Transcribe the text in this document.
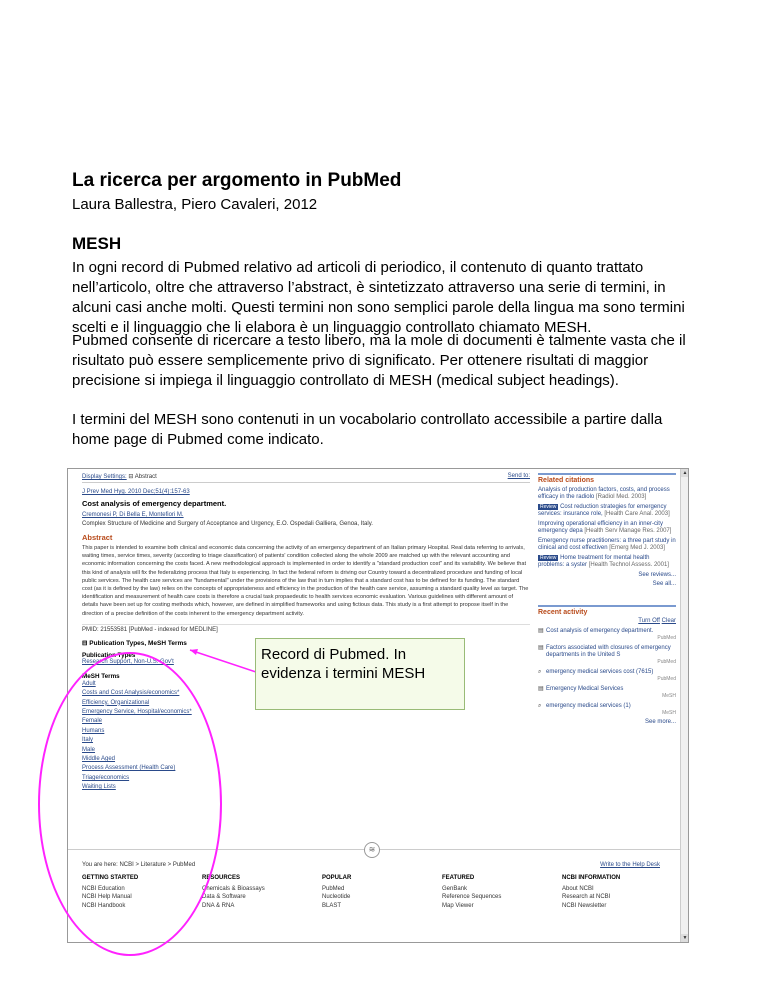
La ricerca per argomento in PubMed
Laura Ballestra, Piero Cavaleri, 2012
MESH
In ogni record di Pubmed relativo ad articoli di periodico, il contenuto di quanto trattato nell’articolo, oltre che attraverso l’abstract, è sintetizzato attraverso una serie di termini, in alcuni casi anche molti. Questi termini non sono semplici parole della lingua ma sono termini scelti e il linguaggio che li elabora è un linguaggio controllato chiamato MESH.
Pubmed consente di ricercare a testo libero, ma la mole di documenti è talmente vasta che il risultato può essere semplicemente privo di significato. Per ottenere risultati di maggior precisione si impiega il linguaggio controllato di MESH (medical subject headings).
I termini del MESH sono contenuti in un vocabolario controllato accessibile a partire dalla home page di Pubmed come indicato.
Display Settings: ⊟ Abstract	Send to:
J Prev Med Hyg. 2010 Dec;51(4):157-63
Cost analysis of emergency department.
Cremonesi P, Di Bella E, Montefiori M.
Complex Structure of Medicine and Surgery of Acceptance and Urgency, E.O. Ospedali Galliera, Genoa, Italy.
Abstract
This paper is intended to examine both clinical and economic data concerning the activity of an emergency department of an Italian primary Hospital. Real data referring to arrivals, waiting times, service times, severity (according to triage classification) of patients' condition collected along the whole 2009 are matched up with the relevant accounting and economic information concerning the costs faced. A new methodological approach is implemented in order to identify a "standard production cost" and its variability. We believe that this kind of analysis will fix the federalizing process that Italy is experiencing. In fact the federal reform is driving our Country toward a decentralized procedure and funding of local public services. The health care services are "fundamental" under the provisions of the law that in turn implies that a standard cost has to be defined for its funding. The standard cost (as it is defined by the law) relies on the concepts of appropriateness and efficiency in the production of the health care service, assuming a standard quality level as target. The identification and measurement of health care costs is therefore a crucial task propaedeutic to health services economic evaluation. Various guidelines with different amount of details have been set up for costing methods which, however, are defined in simplified frameworks and using fictious data. This study is a first attempt to propose itself in the direction of a precise definition of the costs inherent to the emergency department activity.
PMID: 21553581 [PubMed - indexed for MEDLINE]
⊟ Publication Types, MeSH Terms
Publication Types
Research Support, Non-U.S. Gov't
MeSH Terms
Adult
Costs and Cost Analysis/economics*
Efficiency, Organizational
Emergency Service, Hospital/economics*
Female
Humans
Italy
Male
Middle Aged
Process Assessment (Health Care)
Triage/economics
Waiting Lists
Related citations
Analysis of production factors, costs, and process efficacy in the radiolo [Radiol Med. 2003]
Review Cost reduction strategies for emergency services: insurance role, [Health Care Anal. 2003]
Improving operational efficiency in an inner-city emergency depa [Health Serv Manage Res. 2007]
Emergency nurse practitioners: a three part study in clinical and cost effectiven [Emerg Med J. 2003]
Review Home treatment for mental health problems: a syster [Health Technol Assess. 2001]
See reviews...
See all...
Recent activity
Turn Off Clear
▤ Cost analysis of emergency department.
PubMed
▤ Factors associated with closures of emergency departments in the United S
PubMed
⌕ emergency medical services cost (7615)
PubMed
▤ Emergency Medical Services
MeSH
⌕ emergency medical services (1)
MeSH
See more...
≋
You are here: NCBI > Literature > PubMed	Write to the Help Desk
GETTING STARTED
NCBI Education
NCBI Help Manual
NCBI Handbook
RESOURCES
Chemicals & Bioassays
Data & Software
DNA & RNA
POPULAR
PubMed
Nucleotide
BLAST
FEATURED
GenBank
Reference Sequences
Map Viewer
NCBI INFORMATION
About NCBI
Research at NCBI
NCBI Newsletter
▲
▼
Record di Pubmed. In evidenza i termini MESH
